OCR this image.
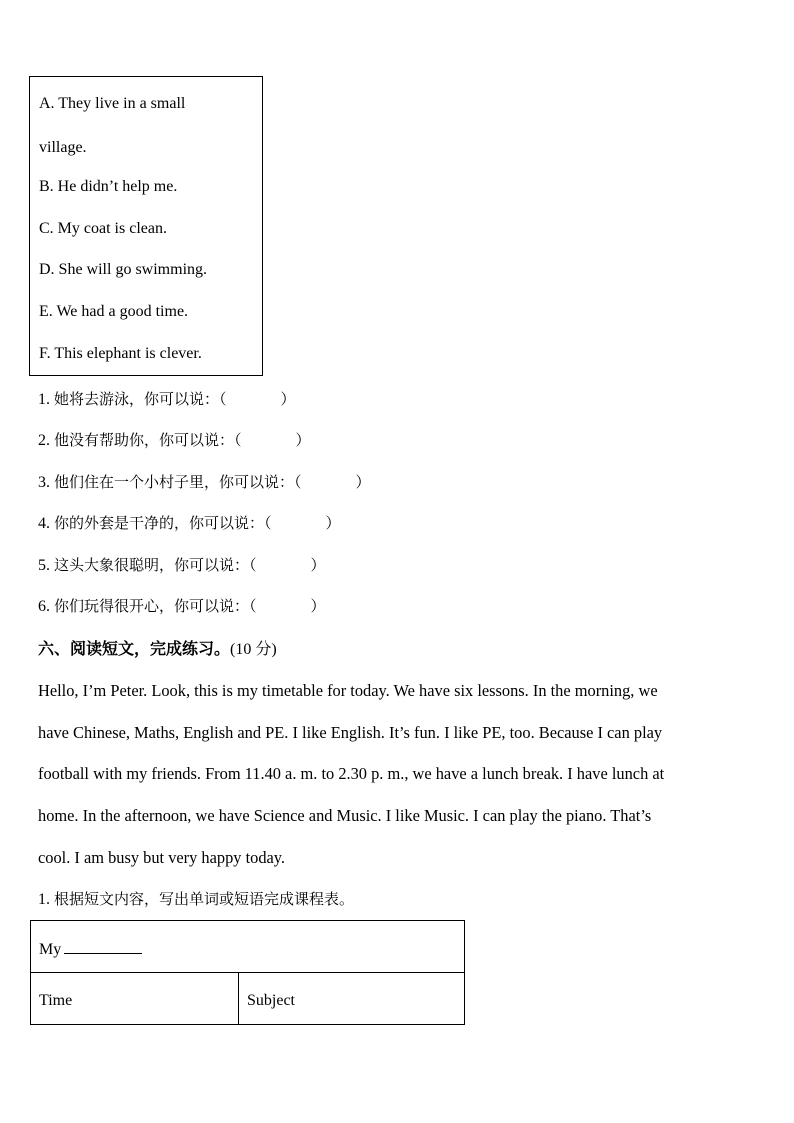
A. They live in a small
village.
B. He didn’t help me.
C. My coat is clean.
D. She will go swimming.
E. We had a good time.
F. This elephant is clever.
1. 她将去游泳，你可以说：（	）
2. 他没有帮助你，你可以说：（	）
3. 他们住在一个小村子里，你可以说：（	）
4. 你的外套是干净的，你可以说：（	）
5. 这头大象很聪明，你可以说：（	）
6. 你们玩得很开心，你可以说：（	）
六、阅读短文，完成练习。(10 分)
Hello, I’m Peter. Look, this is my timetable for today. We have six lessons. In the morning, we
have Chinese, Maths, English and PE. I like English. It’s fun. I like PE, too. Because I can play
football with my friends. From 11.40 a. m. to 2.30 p. m., we have a lunch break. I have lunch at
home. In the afternoon, we have Science and Music. I like Music. I can play the piano. That’s
cool. I am busy but very happy today.
1. 根据短文内容，写出单词或短语完成课程表。
My
Time	Subject
